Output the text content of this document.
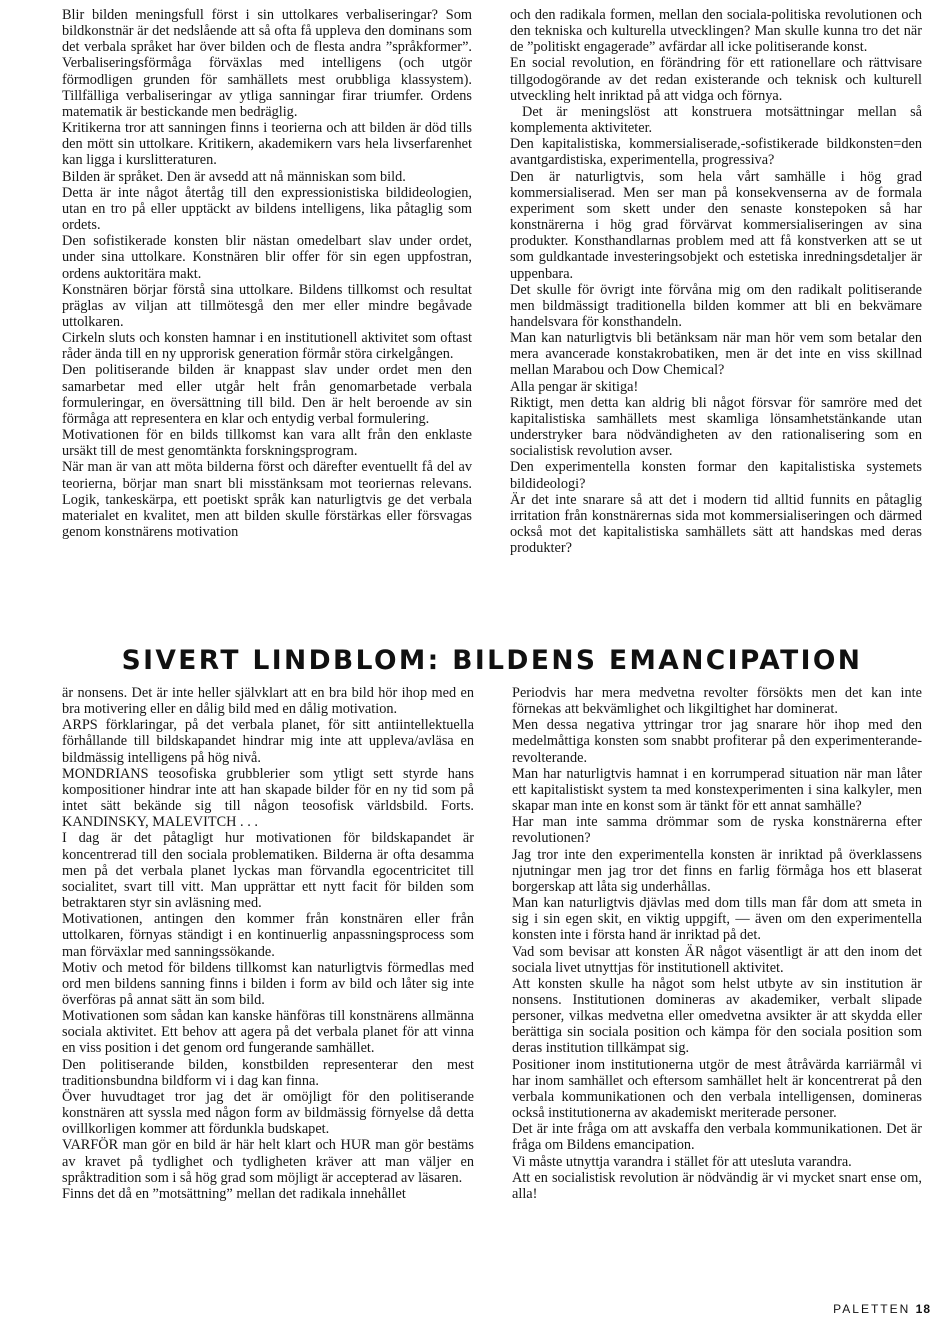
Blir bilden meningsfull först i sin uttolkares verbaliseringar? Som bildkonstnär är det nedslående att så ofta få uppleva den dominans som det verbala språket har över bilden och de flesta andra ”språkformer”. Verbaliseringsförmåga förväxlas med intelligens (och utgör förmodligen grunden för samhällets mest orubbliga klassystem). Tillfälliga verbaliseringar av ytliga sanningar firar triumfer. Ordens matematik är bestickande men bedräglig.

Kritikerna tror att sanningen finns i teorierna och att bilden är död tills den mött sin uttolkare. Kritikern, akademikern vars hela livserfarenhet kan ligga i kurslitteraturen.

Bilden är språket. Den är avsedd att nå människan som bild.

Detta är inte något återtåg till den expressionistiska bildideologien, utan en tro på eller upptäckt av bildens intelligens, lika påtaglig som ordets.

Den sofistikerade konsten blir nästan omedelbart slav under ordet, under sina uttolkare. Konstnären blir offer för sin egen uppfostran, ordens auktoritära makt.

Konstnären börjar förstå sina uttolkare. Bildens tillkomst och resultat präglas av viljan att tillmötesgå den mer eller mindre begåvade uttolkaren.

Cirkeln sluts och konsten hamnar i en institutionell aktivitet som oftast råder ända till en ny upprorisk generation förmår störa cirkelgången.

Den politiserande bilden är knappast slav under ordet men den samarbetar med eller utgår helt från genomarbetade verbala formuleringar, en översättning till bild. Den är helt beroende av sin förmåga att representera en klar och entydig verbal formulering.

Motivationen för en bilds tillkomst kan vara allt från den enklaste ursäkt till de mest genomtänkta forskningsprogram.

När man är van att möta bilderna först och därefter eventuellt få del av teorierna, börjar man snart bli misstänksam mot teoriernas relevans. Logik, tankeskärpa, ett poetiskt språk kan naturligtvis ge det verbala materialet en kvalitet, men att bilden skulle förstärkas eller försvagas genom konstnärens motivation

och den radikala formen, mellan den sociala-politiska revolutionen och den tekniska och kulturella utvecklingen? Man skulle kunna tro det när de ”politiskt engagerade” avfärdar all icke politiserande konst.

En social revolution, en förändring för ett rationellare och rättvisare tillgodogörande av det redan existerande och teknisk och kulturell utveckling helt inriktad på att vidga och förnya.

Det är meningslöst att konstruera motsättningar mellan så komplementa aktiviteter.

Den kapitalistiska, kommersialiserade,-sofistikerade bildkonsten=den avantgardistiska, experimentella, progressiva?

Den är naturligtvis, som hela vårt samhälle i hög grad kommersialiserad. Men ser man på konsekvenserna av de formala experiment som skett under den senaste konstepoken så har konstnärerna i hög grad förvärvat kommersialiseringen av sina produkter. Konsthandlarnas problem med att få konstverken att se ut som guldkantade investeringsobjekt och estetiska inredningsdetaljer är uppenbara.

Det skulle för övrigt inte förvåna mig om den radikalt politiserande men bildmässigt traditionella bilden kommer att bli en bekvämare handelsvara för konsthandeln.

Man kan naturligtvis bli betänksam när man hör vem som betalar den mera avancerade konstakrobatiken, men är det inte en viss skillnad mellan Marabou och Dow Chemical?

Alla pengar är skitiga!

Riktigt, men detta kan aldrig bli något försvar för samröre med det kapitalistiska samhällets mest skamliga lönsamhetstänkande utan understryker bara nödvändigheten av den rationalisering som en socialistisk revolution avser.

Den experimentella konsten formar den kapitalistiska systemets bildideologi?

Är det inte snarare så att det i modern tid alltid funnits en påtaglig irritation från konstnärernas sida mot kommersialiseringen och därmed också mot det kapitalistiska samhällets sätt att handskas med deras produkter?

SIVERT LINDBLOM: BILDENS EMANCIPATION

är nonsens. Det är inte heller självklart att en bra bild hör ihop med en bra motivering eller en dålig bild med en dålig motivation.

ARPS förklaringar, på det verbala planet, för sitt antiintellektuella förhållande till bildskapandet hindrar mig inte att uppleva/avläsa en bildmässig intelligens på hög nivå.

MONDRIANS teosofiska grubblerier som ytligt sett styrde hans kompositioner hindrar inte att han skapade bilder för en ny tid som på intet sätt bekände sig till någon teosofisk världsbild. Forts. KANDINSKY, MALEVITCH . . .

I dag är det påtagligt hur motivationen för bildskapandet är koncentrerad till den sociala problematiken. Bilderna är ofta desamma men på det verbala planet lyckas man förvandla egocentricitet till socialitet, svart till vitt. Man upprättar ett nytt facit för bilden som betraktaren styr sin avläsning med.

Motivationen, antingen den kommer från konstnären eller från uttolkaren, förnyas ständigt i en kontinuerlig anpassningsprocess som man förväxlar med sanningssökande.

Motiv och metod för bildens tillkomst kan naturligtvis förmedlas med ord men bildens sanning finns i bilden i form av bild och låter sig inte överföras på annat sätt än som bild.

Motivationen som sådan kan kanske hänföras till konstnärens allmänna sociala aktivitet. Ett behov att agera på det verbala planet för att vinna en viss position i det genom ord fungerande samhället.

Den politiserande bilden, konstbilden representerar den mest traditionsbundna bildform vi i dag kan finna.

Över huvudtaget tror jag det är omöjligt för den politiserande konstnären att syssla med någon form av bildmässig förnyelse då detta ovillkorligen kommer att fördunkla budskapet.

VARFÖR man gör en bild är här helt klart och HUR man gör bestäms av kravet på tydlighet och tydligheten kräver att man väljer en språktradition som i så hög grad som möjligt är accepterad av läsaren.

Finns det då en ”motsättning” mellan det radikala innehållet

Periodvis har mera medvetna revolter försökts men det kan inte förnekas att bekvämlighet och likgiltighet har dominerat.

Men dessa negativa yttringar tror jag snarare hör ihop med den medelmåttiga konsten som snabbt profiterar på den experimenterande-revolterande.

Man har naturligtvis hamnat i en korrumperad situation när man låter ett kapitalistiskt system ta med konstexperimenten i sina kalkyler, men skapar man inte en konst som är tänkt för ett annat samhälle?

Har man inte samma drömmar som de ryska konstnärerna efter revolutionen?

Jag tror inte den experimentella konsten är inriktad på överklassens njutningar men jag tror det finns en farlig förmåga hos ett blaserat borgerskap att låta sig underhållas.

Man kan naturligtvis djävlas med dom tills man får dom att smeta in sig i sin egen skit, en viktig uppgift, — även om den experimentella konsten inte i första hand är inriktad på det.

Vad som bevisar att konsten ÄR något väsentligt är att den inom det sociala livet utnyttjas för institutionell aktivitet.

Att konsten skulle ha något som helst utbyte av sin institution är nonsens. Institutionen domineras av akademiker, verbalt slipade personer, vilkas medvetna eller omedvetna avsikter är att skydda eller berättiga sin sociala position och kämpa för den sociala position som deras institution tillkämpat sig.

Positioner inom institutionerna utgör de mest åtråvärda karriärmål vi har inom samhället och eftersom samhället helt är koncentrerat på den verbala kommunikationen och den verbala intelligensen, domineras också institutionerna av akademiskt meriterade personer.

Det är inte fråga om att avskaffa den verbala kommunikationen. Det är fråga om Bildens emancipation.

Vi måste utnyttja varandra i stället för att utesluta varandra.

Att en socialistisk revolution är nödvändig är vi mycket snart ense om, alla!

PALETTEN 18
